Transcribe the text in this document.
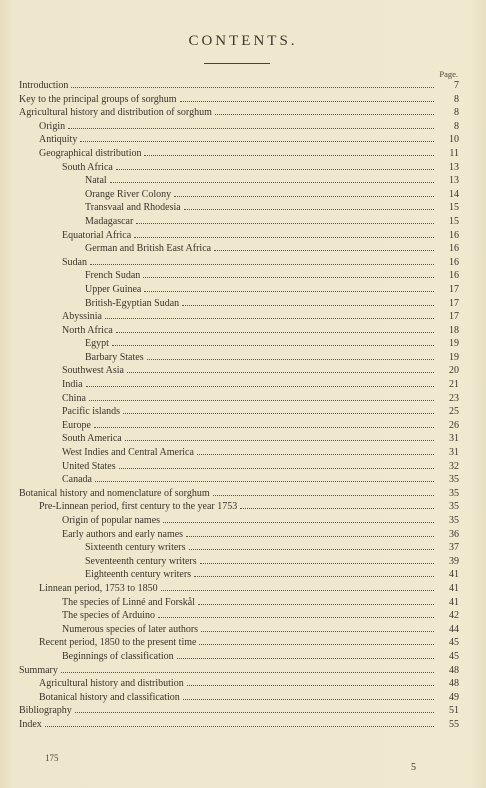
CONTENTS.
Page.
Introduction	7
Key to the principal groups of sorghum	8
Agricultural history and distribution of sorghum	8
Origin	8
Antiquity	10
Geographical distribution	11
South Africa	13
Natal	13
Orange River Colony	14
Transvaal and Rhodesia	15
Madagascar	15
Equatorial Africa	16
German and British East Africa	16
Sudan	16
French Sudan	16
Upper Guinea	17
British-Egyptian Sudan	17
Abyssinia	17
North Africa	18
Egypt	19
Barbary States	19
Southwest Asia	20
India	21
China	23
Pacific islands	25
Europe	26
South America	31
West Indies and Central America	31
United States	32
Canada	35
Botanical history and nomenclature of sorghum	35
Pre-Linnean period, first century to the year 1753	35
Origin of popular names	35
Early authors and early names	36
Sixteenth century writers	37
Seventeenth century writers	39
Eighteenth century writers	41
Linnean period, 1753 to 1850	41
The species of Linné and Forskål	41
The species of Arduino	42
Numerous species of later authors	44
Recent period, 1850 to the present time	45
Beginnings of classification	45
Summary	48
Agricultural history and distribution	48
Botanical history and classification	49
Bibliography	51
Index	55
175
5
